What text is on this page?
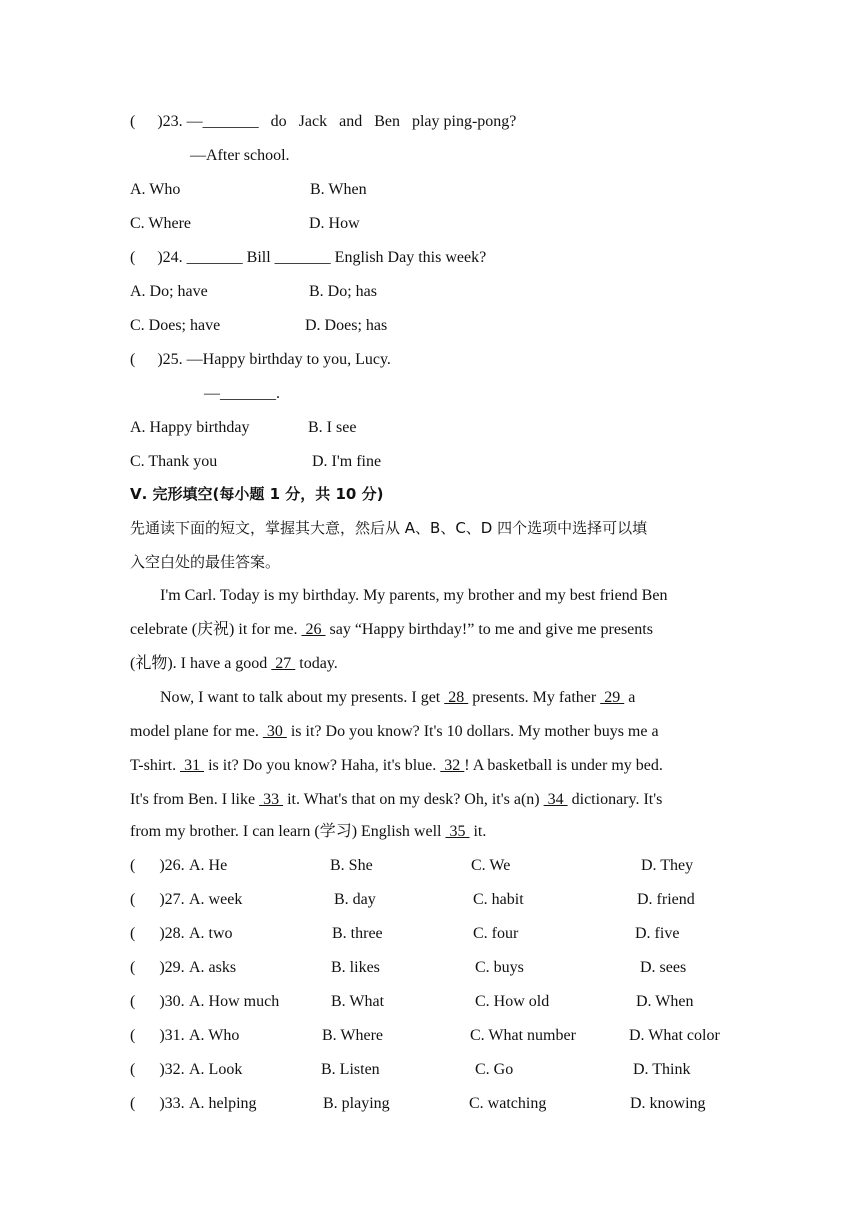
( )23. —_______   do   Jack   and   Ben   play ping-pong?
—After school.
A. Who	B. When
C. Where	D. How
( )24. _______ Bill _______ English Day this week?
A. Do; have	B. Do; has
C. Does; have	D. Does; has
( )25. —Happy birthday to you, Lucy.
—_______.
A. Happy birthday	B. I see
C. Thank you	D. I'm fine
Ⅴ. 完形填空(每小题 1 分，共 10 分)
先通读下面的短文，掌握其大意，然后从 A、B、C、D 四个选项中选择可以填
入空白处的最佳答案。
I'm Carl. Today is my birthday. My parents, my brother and my best friend Ben
celebrate (庆祝) it for me.  26  say “Happy birthday!” to me and give me presents
(礼物). I have a good  27  today.
Now, I want to talk about my presents. I get  28  presents. My father  29  a
model plane for me.  30  is it? Do you know? It's 10 dollars. My mother buys me a
T-shirt.  31  is it? Do you know? Haha, it's blue.  32 ! A basketball is under my bed.
It's from Ben. I like  33  it. What's that on my desk? Oh, it's a(n)  34  dictionary. It's
from my brother. I can learn (学习) English well  35  it.
(      )26. A. He	B. She	C. We	D. They
(      )27. A. week	B. day	C. habit	D. friend
(      )28. A. two	B. three	C. four	D. five
(      )29. A. asks	B. likes	C. buys	D. sees
(      )30. A. How much	B. What	C. How old	D. When
(      )31. A. Who	B. Where	C. What number	D. What color
(      )32. A. Look	B. Listen	C. Go	D. Think
(      )33. A. helping	B. playing	C. watching	D. knowing
